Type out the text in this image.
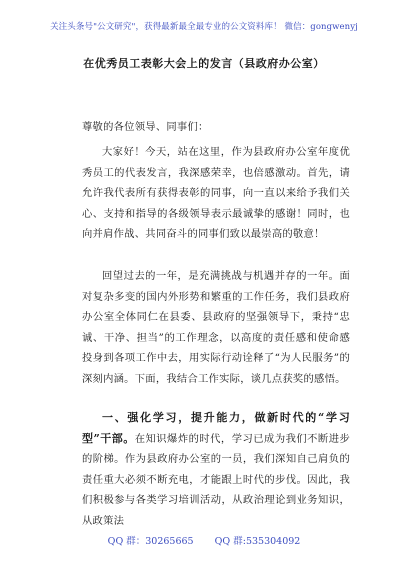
关注头条号"公文研究"，获得最新最全最专业的公文资料库！ 微信：gongwenyj
在优秀员工表彰大会上的发言（县政府办公室）
尊敬的各位领导、同事们：
大家好！今天，站在这里，作为县政府办公室年度优秀员工的代表发言，我深感荣幸，也倍感激动。首先，请允许我代表所有获得表彰的同事，向一直以来给予我们关心、支持和指导的各级领导表示最诚挚的感谢！同时，也向并肩作战、共同奋斗的同事们致以最崇高的敬意！
回望过去的一年，是充满挑战与机遇并存的一年。面对复杂多变的国内外形势和繁重的工作任务，我们县政府办公室全体同仁在县委、县政府的坚强领导下，秉持“忠诚、干净、担当”的工作理念，以高度的责任感和使命感投身到各项工作中去，用实际行动诠释了“为人民服务”的深刻内涵。下面，我结合工作实际，谈几点获奖的感悟。
一、强化学习，提升能力，做新时代的“学习型”干部。在知识爆炸的时代，学习已成为我们不断进步的阶梯。作为县政府办公室的一员，我们深知自己肩负的责任重大必须不断充电，才能跟上时代的步伐。因此，我们积极参与各类学习培训活动，从政治理论到业务知识，从政策法
QQ 群：30265665 QQ 群:535304092
